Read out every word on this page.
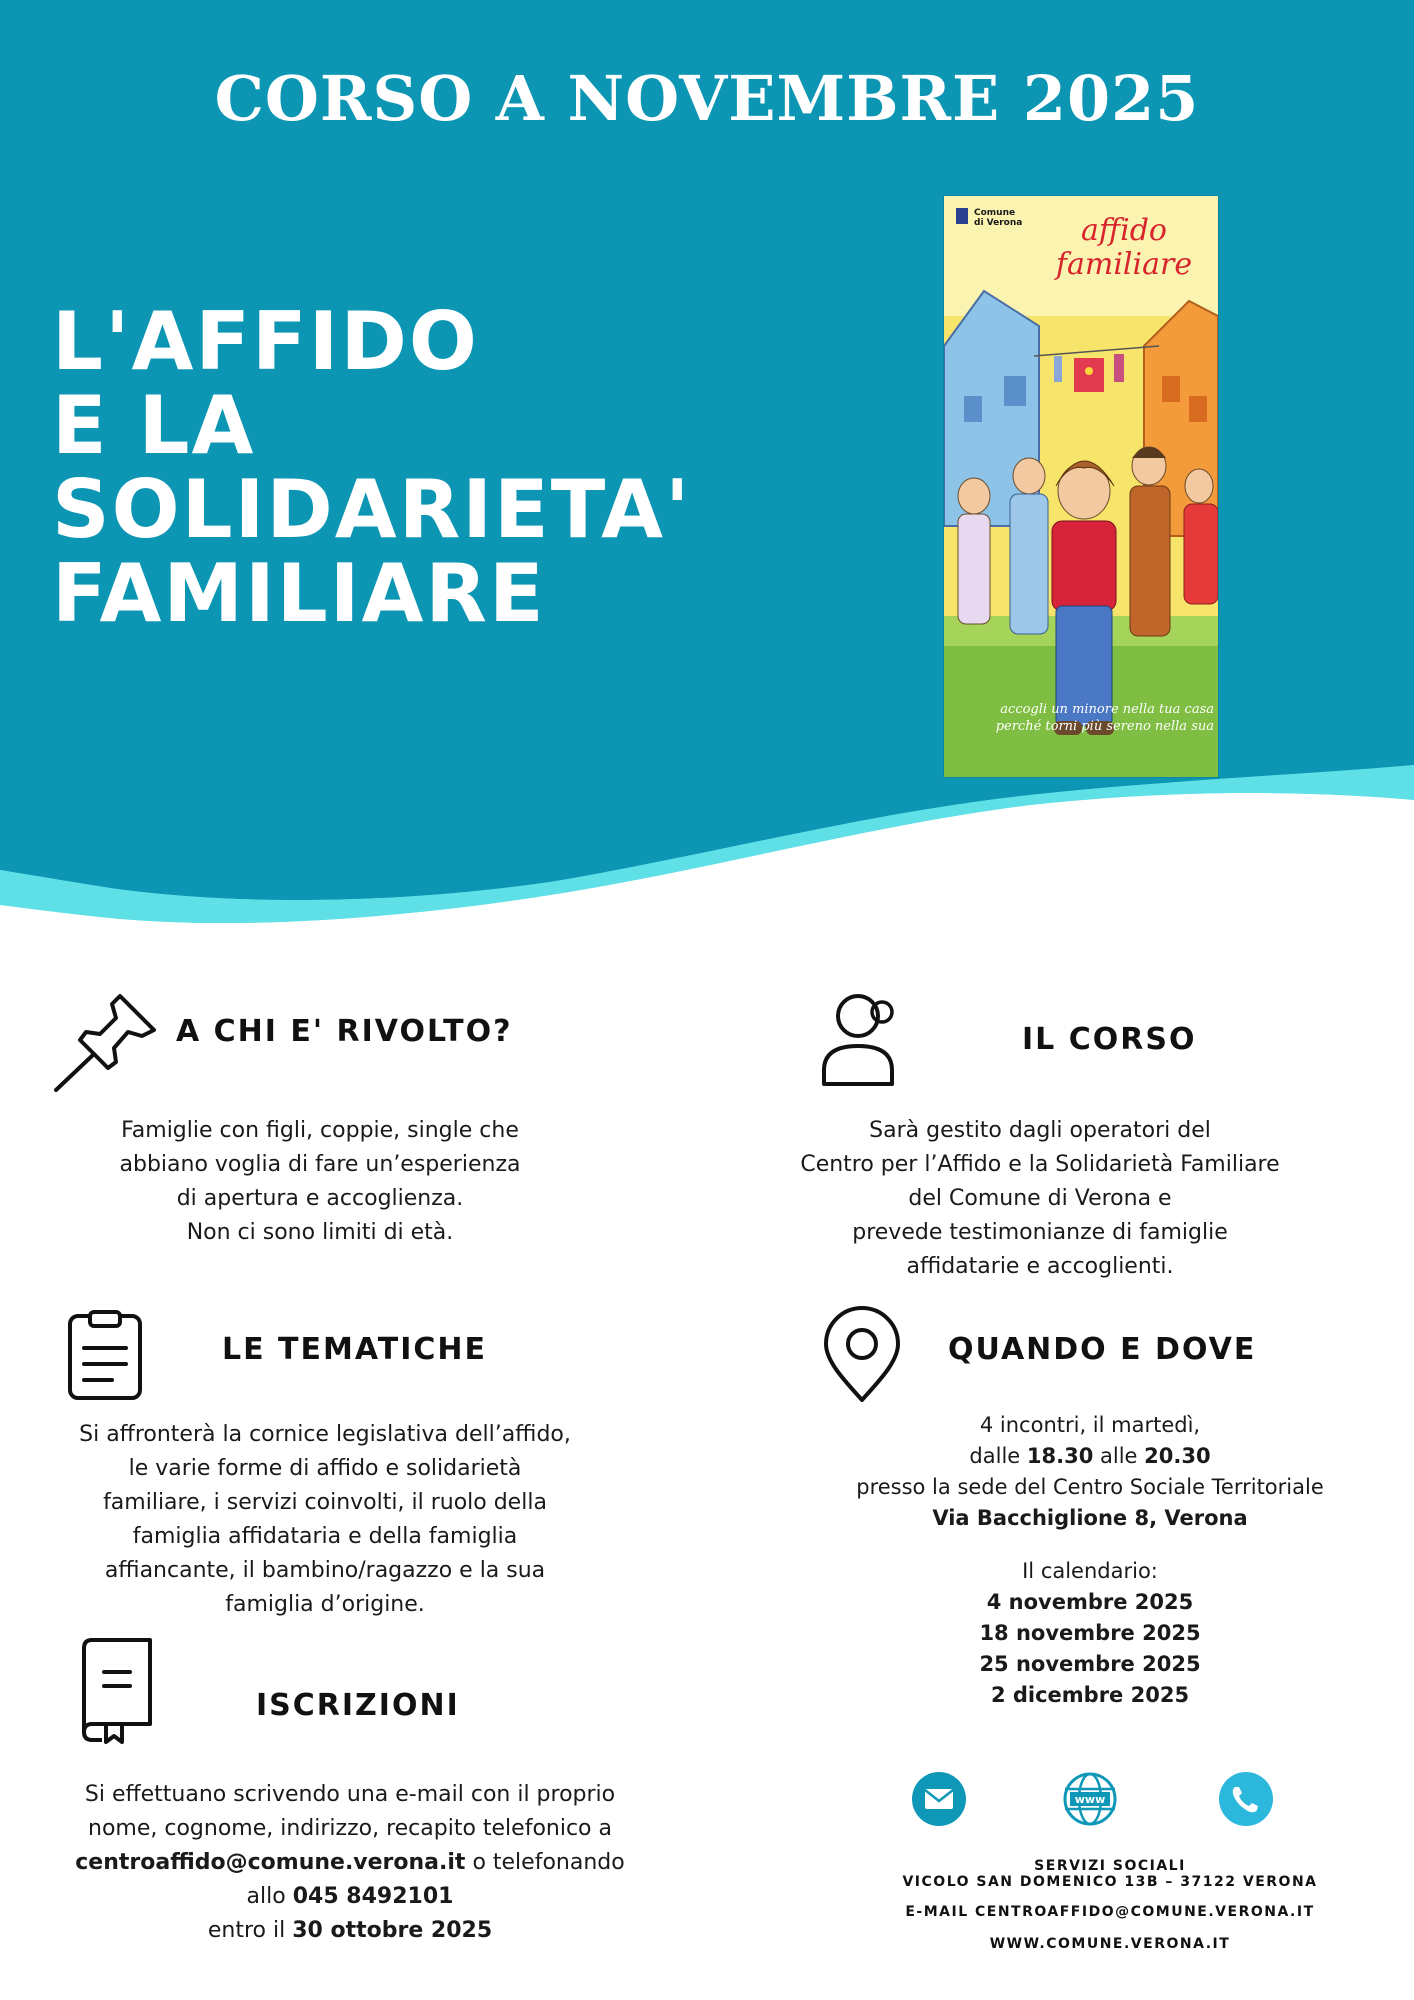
CORSO A NOVEMBRE 2025
L'AFFIDO
E LA
SOLIDARIETA'
FAMILIARE
Comune
di Verona	affido
familiare
accogli un minore nella tua casa
perché torni più sereno nella sua
A CHI E' RIVOLTO?
Famiglie con figli, coppie, single che
abbiano voglia di fare un’esperienza
di apertura e accoglienza.
Non ci sono limiti di età.
IL CORSO
Sarà gestito dagli operatori del
Centro per l’Affido e la Solidarietà Familiare
del Comune di Verona e
prevede testimonianze di famiglie
affidatarie e accoglienti.
LE TEMATICHE
Si affronterà la cornice legislativa dell’affido,
le varie forme di affido e solidarietà
familiare, i servizi coinvolti, il ruolo della
famiglia affidataria e della famiglia
affiancante, il bambino/ragazzo e la sua
famiglia d’origine.
QUANDO E DOVE
4 incontri, il martedì,
dalle 18.30 alle 20.30
presso la sede del Centro Sociale Territoriale
Via Bacchiglione 8, Verona
Il calendario:
4 novembre 2025
18 novembre 2025
25 novembre 2025
2 dicembre 2025
ISCRIZIONI
Si effettuano scrivendo una e-mail con il proprio
nome, cognome, indirizzo, recapito telefonico a
centroaffido@comune.verona.it o telefonando
allo 045 8492101
entro il 30 ottobre 2025
www
SERVIZI SOCIALI
VICOLO SAN DOMENICO 13B – 37122 VERONA
E-MAIL CENTROAFFIDO@COMUNE.VERONA.IT
WWW.COMUNE.VERONA.IT
